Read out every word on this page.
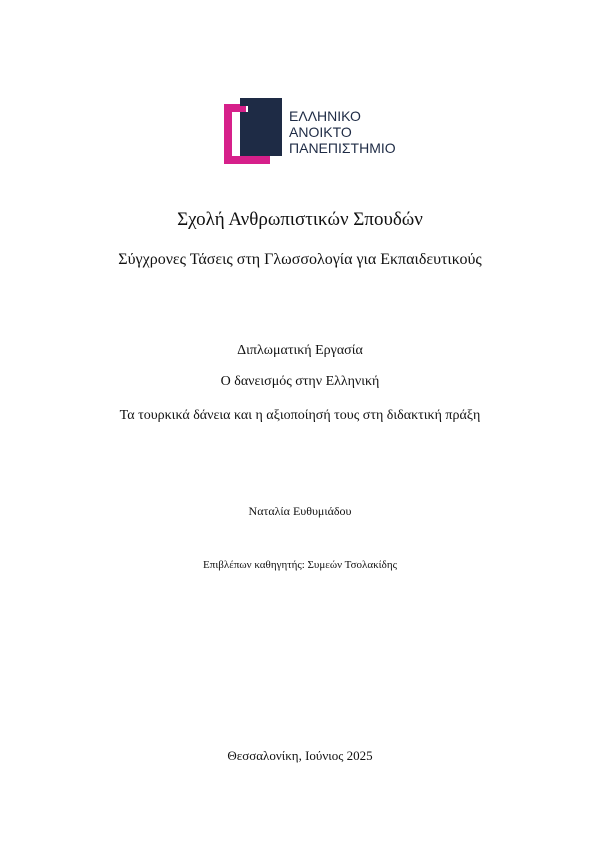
ΕΛΛΗΝΙΚΟ
ΑΝΟΙΚΤΟ
ΠΑΝΕΠΙΣΤΗΜΙΟ
Σχολή Ανθρωπιστικών Σπουδών
Σύγχρονες Τάσεις στη Γλωσσολογία για Εκπαιδευτικούς
Διπλωματική Εργασία
Ο δανεισμός στην Ελληνική
Τα τουρκικά δάνεια και η αξιοποίησή τους στη διδακτική πράξη
Ναταλία Ευθυμιάδου
Επιβλέπων καθηγητής: Συμεών Τσολακίδης
Θεσσαλονίκη, Ιούνιος 2025
